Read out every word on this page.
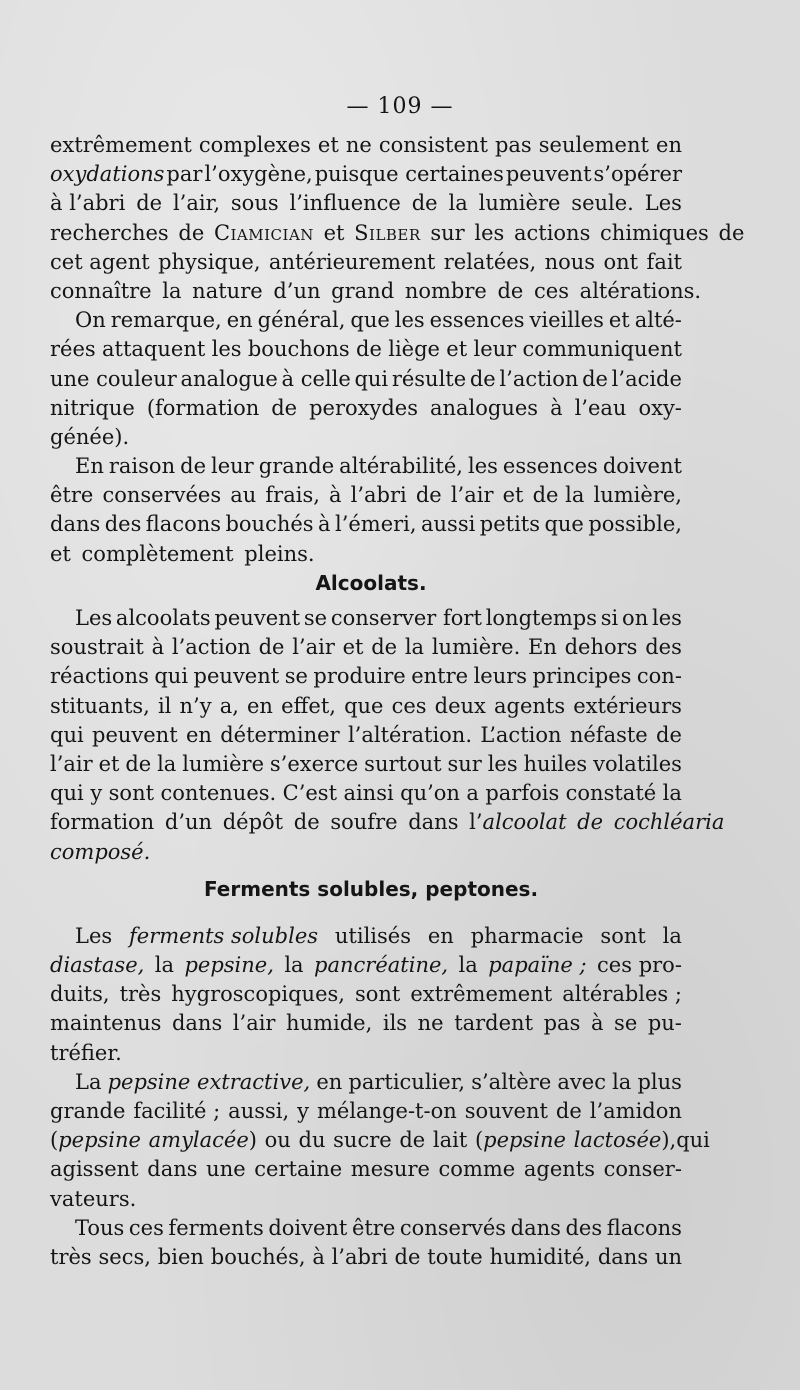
— 109 —
extrêmement complexes et ne consistent pas seulement en
oxydations par l’oxygène, puisque certaines peuvent s’opérer
à l’abri de l’air, sous l’influence de la lumière seule. Les
recherches de Ciamician et Silber sur les actions chimiques de
cet agent physique, antérieurement relatées, nous ont fait
connaître la nature d’un grand nombre de ces altérations.
On remarque, en général, que les essences vieilles et alté-
rées attaquent les bouchons de liège et leur communiquent
une couleur analogue à celle qui résulte de l’action de l’acide
nitrique (formation de peroxydes analogues à l’eau oxy-
génée).
En raison de leur grande altérabilité, les essences doivent
être conservées au frais, à l’abri de l’air et de la lumière,
dans des flacons bouchés à l’émeri, aussi petits que possible,
et complètement pleins.
Alcoolats.
Les alcoolats peuvent se conserver fort longtemps si on les
soustrait à l’action de l’air et de la lumière. En dehors des
réactions qui peuvent se produire entre leurs principes con-
stituants, il n’y a, en effet, que ces deux agents extérieurs
qui peuvent en déterminer l’altération. L’action néfaste de
l’air et de la lumière s’exerce surtout sur les huiles volatiles
qui y sont contenues. C’est ainsi qu’on a parfois constaté la
formation d’un dépôt de soufre dans l’ alcoolat de cochléaria
composé.
Ferments solubles, peptones.
Les ferments solubles utilisés en pharmacie sont la
diastase, la pepsine, la pancréatine, la papaïne ; ces pro-
duits, très hygroscopiques, sont extrêmement altérables ;
maintenus dans l’air humide, ils ne tardent pas à se pu-
tréfier.
La pepsine extractive, en particulier, s’altère avec la plus
grande facilité ; aussi, y mélange-t-on souvent de l’amidon
( pepsine amylacée ) ou du sucre de lait ( pepsine lactosée ),qui
agissent dans une certaine mesure comme agents conser-
vateurs.
Tous ces ferments doivent être conservés dans des flacons
très secs, bien bouchés, à l’abri de toute humidité, dans un
